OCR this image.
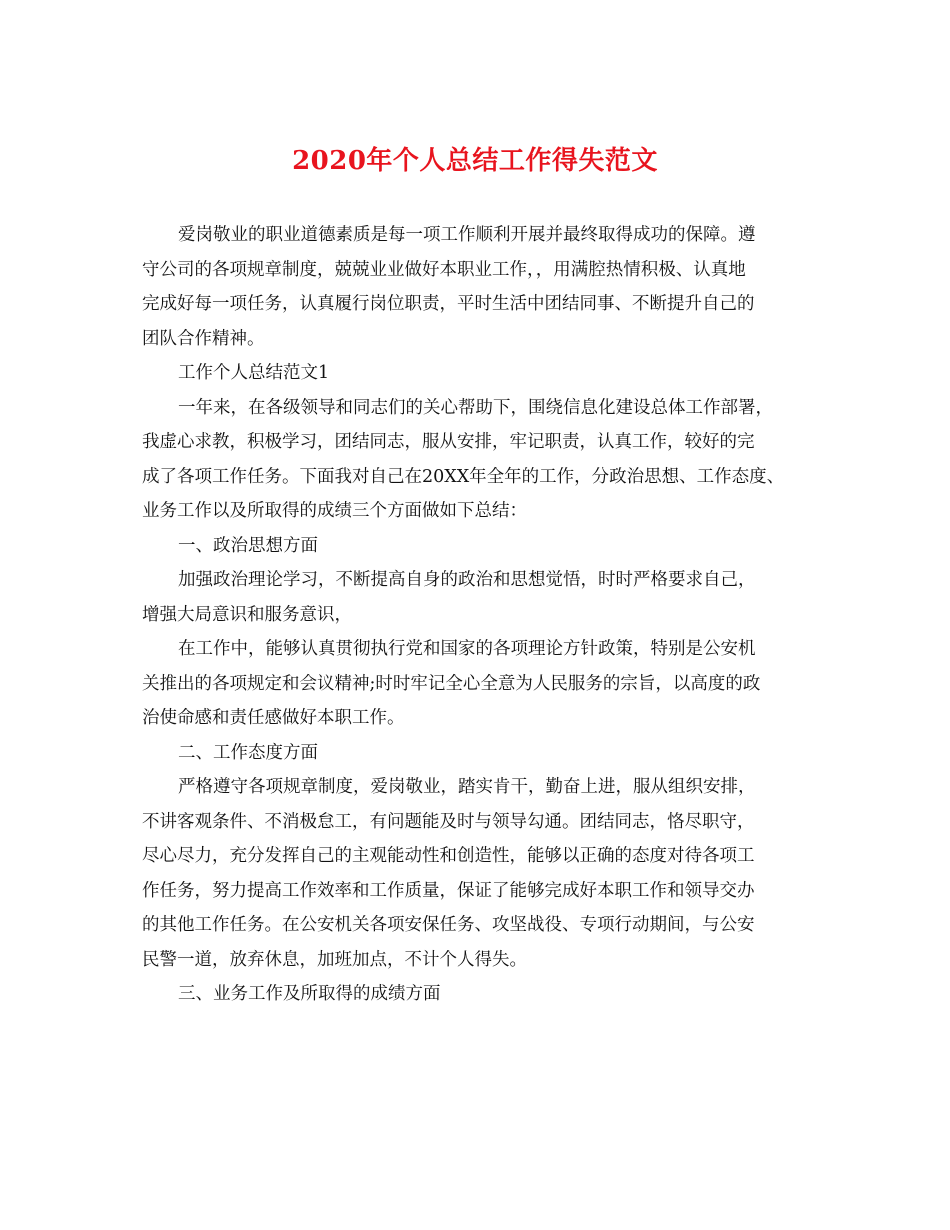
2020年个人总结工作得失范文
爱岗敬业的职业道德素质是每一项工作顺利开展并最终取得成功的保障。遵
守公司的各项规章制度，兢兢业业做好本职业工作，，用满腔热情积极、认真地
完成好每一项任务，认真履行岗位职责，平时生活中团结同事、不断提升自己的
团队合作精神。
工作个人总结范文1
一年来，在各级领导和同志们的关心帮助下，围绕信息化建设总体工作部署，
我虚心求教，积极学习，团结同志，服从安排，牢记职责，认真工作，较好的完
成了各项工作任务。下面我对自己在20XX年全年的工作，分政治思想、工作态度、
业务工作以及所取得的成绩三个方面做如下总结：
一、政治思想方面
加强政治理论学习，不断提高自身的政治和思想觉悟，时时严格要求自己，
增强大局意识和服务意识，
在工作中，能够认真贯彻执行党和国家的各项理论方针政策，特别是公安机
关推出的各项规定和会议精神;时时牢记全心全意为人民服务的宗旨，以高度的政
治使命感和责任感做好本职工作。
二、工作态度方面
严格遵守各项规章制度，爱岗敬业，踏实肯干，勤奋上进，服从组织安排，
不讲客观条件、不消极怠工，有问题能及时与领导勾通。团结同志，恪尽职守，
尽心尽力，充分发挥自己的主观能动性和创造性，能够以正确的态度对待各项工
作任务，努力提高工作效率和工作质量，保证了能够完成好本职工作和领导交办
的其他工作任务。在公安机关各项安保任务、攻坚战役、专项行动期间，与公安
民警一道，放弃休息，加班加点，不计个人得失。
三、业务工作及所取得的成绩方面
